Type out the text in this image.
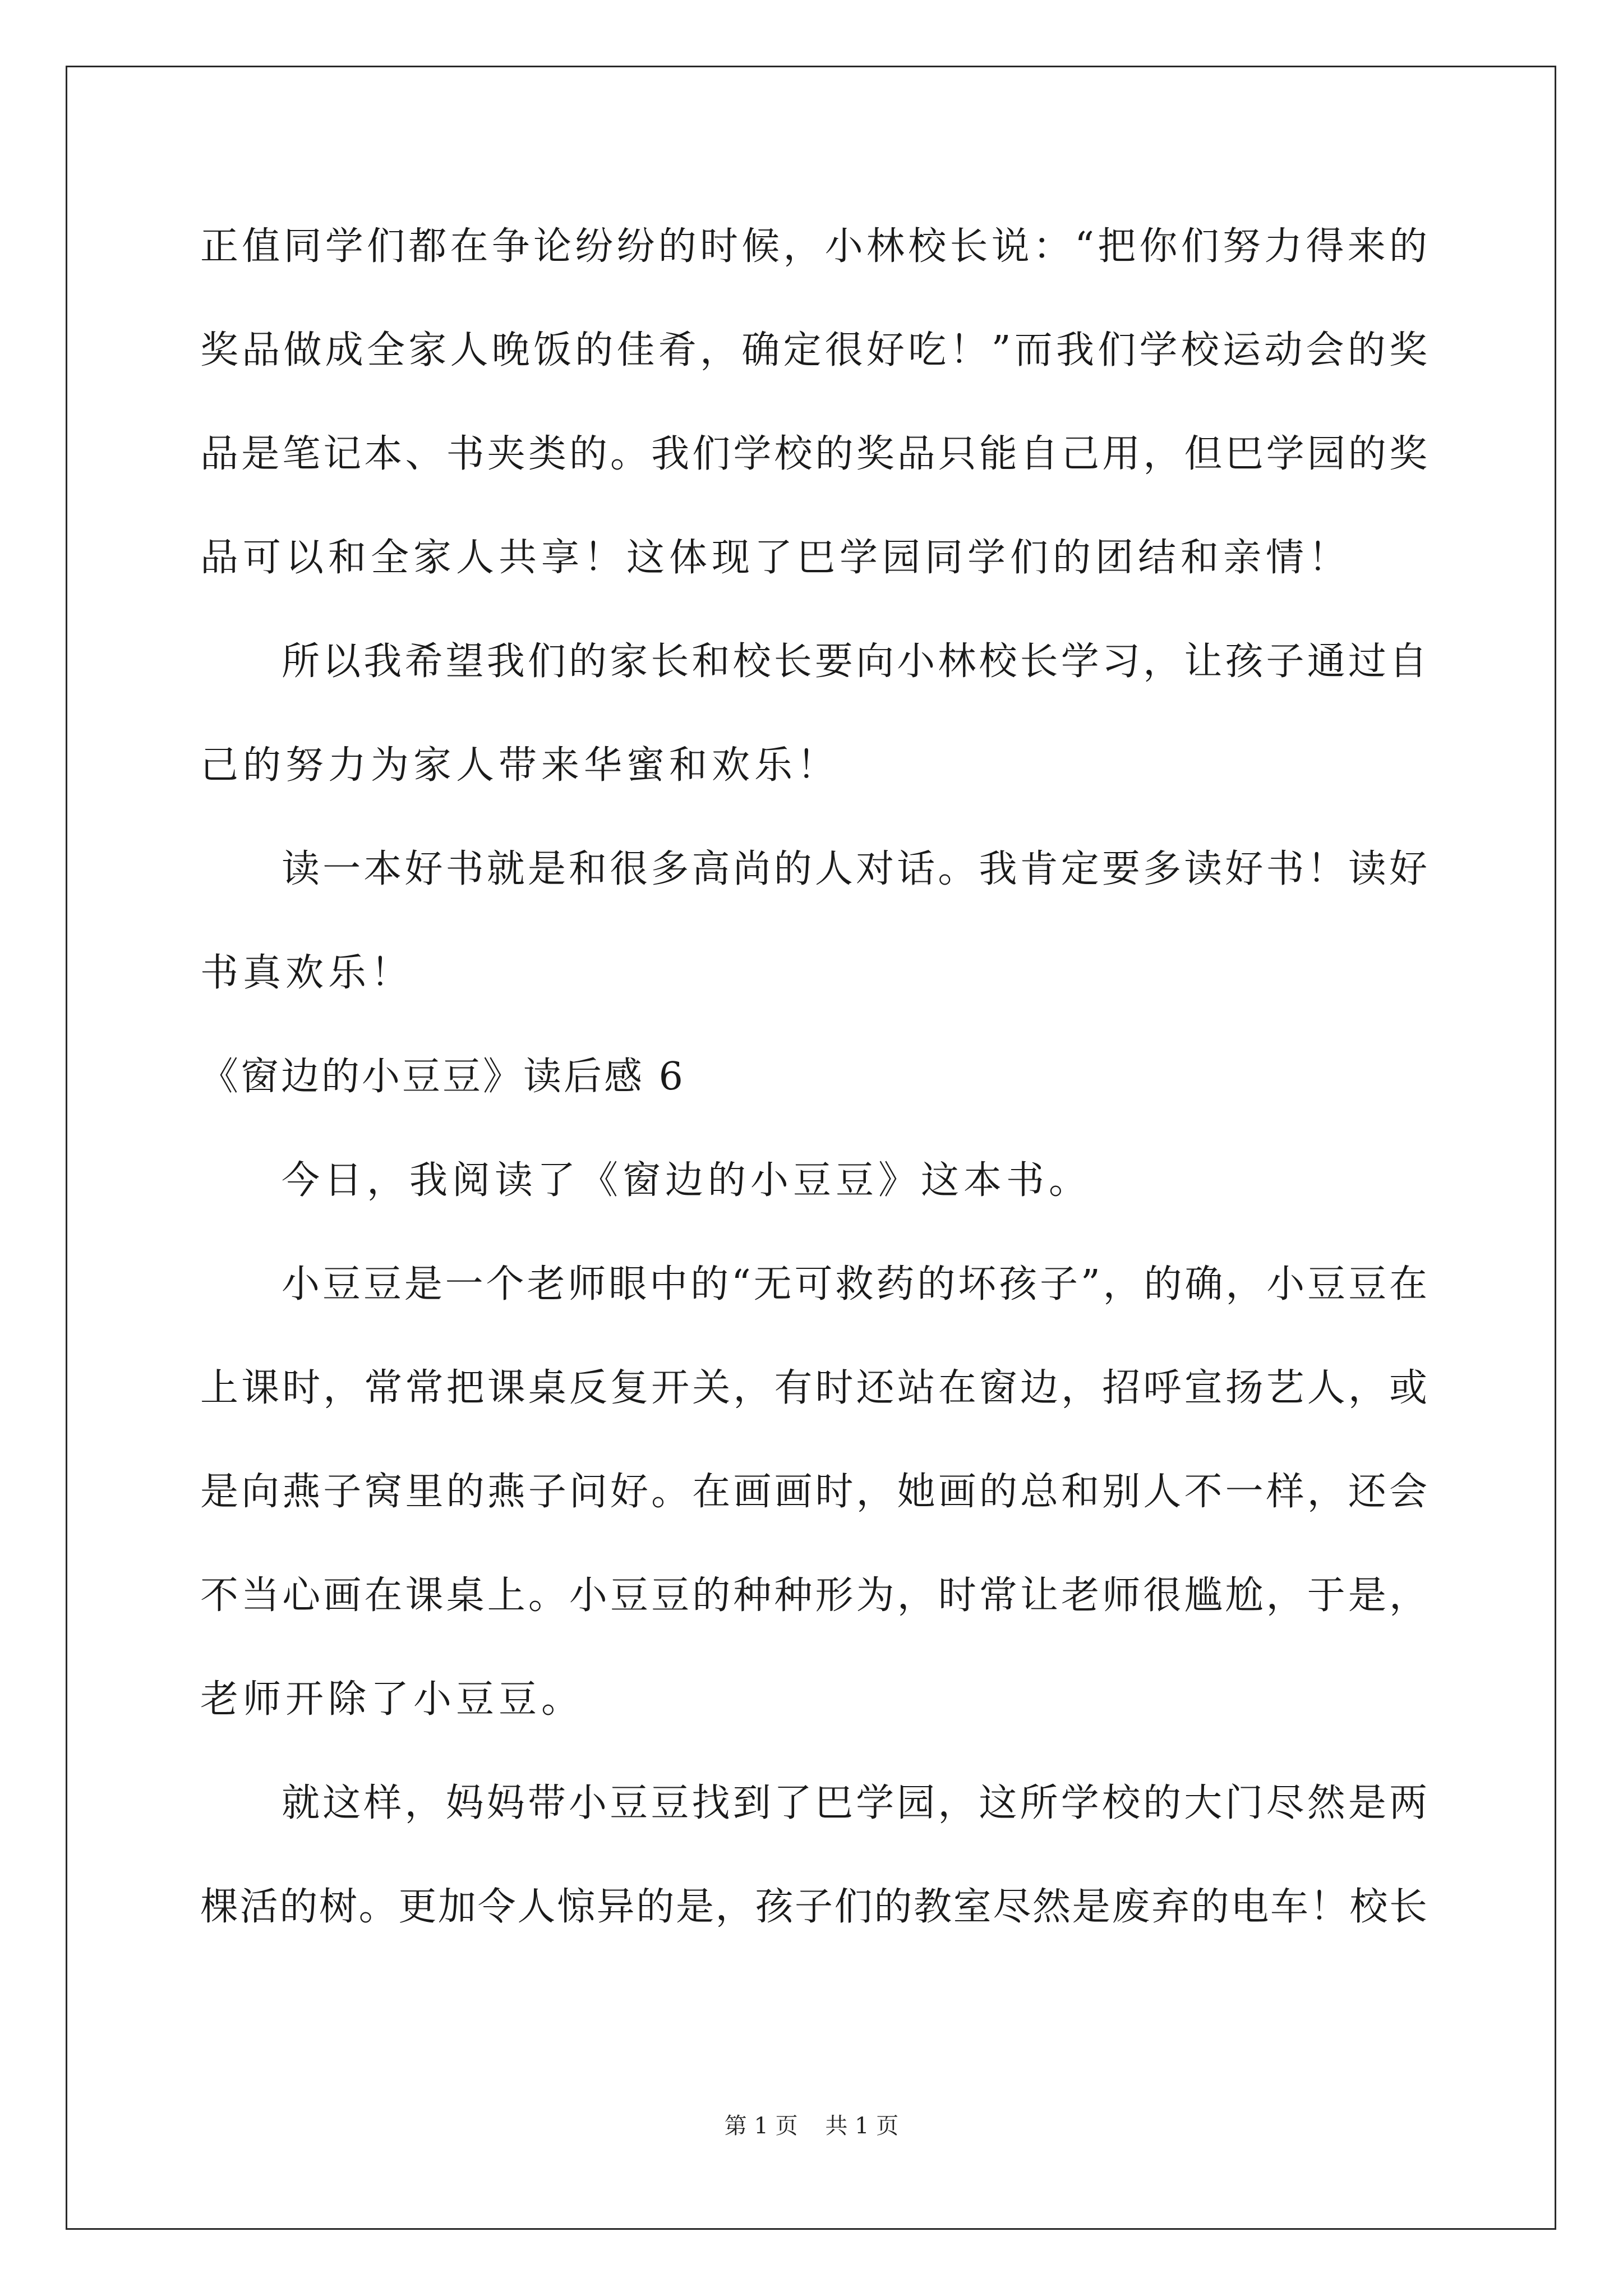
正值同学们都在争论纷纷的时候，小林校长说：“把你们努力得来的
奖品做成全家人晚饭的佳肴，确定很好吃！”而我们学校运动会的奖
品是笔记本、书夹类的。我们学校的奖品只能自己用，但巴学园的奖
品可以和全家人共享！这体现了巴学园同学们的团结和亲情！
所以我希望我们的家长和校长要向小林校长学习，让孩子通过自
己的努力为家人带来华蜜和欢乐！
读一本好书就是和很多高尚的人对话。我肯定要多读好书！读好
书真欢乐！
《窗边的小豆豆》读后感 6
今日，我阅读了《窗边的小豆豆》这本书。
小豆豆是一个老师眼中的“无可救药的坏孩子”，的确，小豆豆在
上课时，常常把课桌反复开关，有时还站在窗边，招呼宣扬艺人，或
是向燕子窝里的燕子问好。在画画时，她画的总和别人不一样，还会
不当心画在课桌上。小豆豆的种种形为，时常让老师很尴尬，于是，
老师开除了小豆豆。
就这样，妈妈带小豆豆找到了巴学园，这所学校的大门尽然是两
棵活的树。更加令人惊异的是，孩子们的教室尽然是废弃的电车！校长
第 1 页 共 1 页
